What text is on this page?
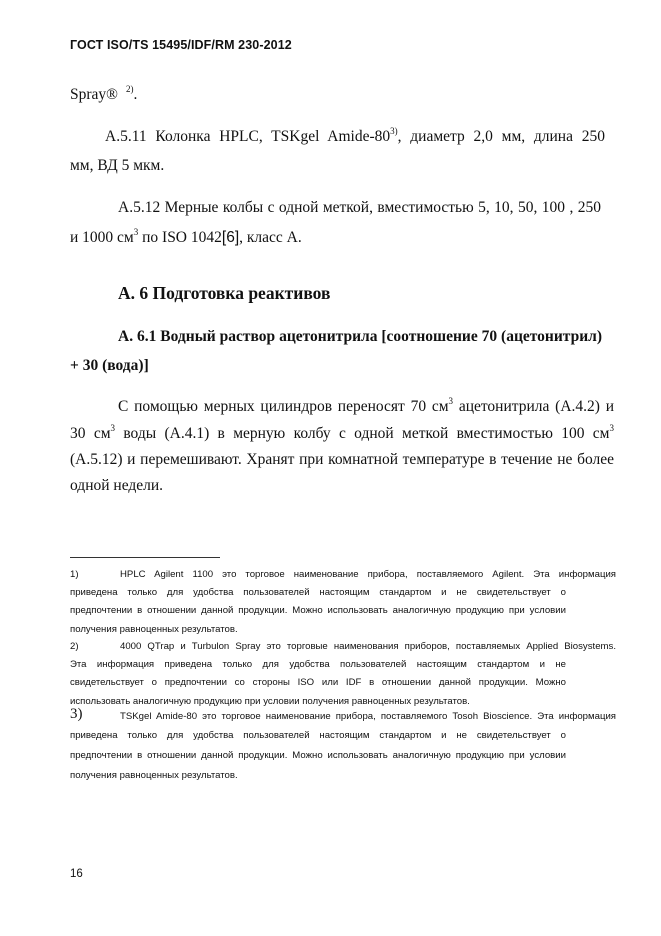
ГОСТ ISO/TS 15495/IDF/RM 230-2012
Spray® $^{2)}$.
А.5.11 Колонка HPLC, TSKgel Amide-80$^{3)}$, диаметр 2,0 мм, длина 250
мм, ВД 5 мкм.
А.5.12 Мерные колбы с одной меткой, вместимостью 5, 10, 50, 100 , 250
и 1000 $см^3$ по ISO 1042[6], класс А.
А. 6 Подготовка реактивов
А. 6.1 Водный раствор ацетонитрила [соотношение 70 (ацетонитрил)
+ 30 (вода)]
С помощью мерных цилиндров переносят 70 $см^3$ ацетонитрила (А.4.2) и
30 $см^3$ воды (А.4.1) в мерную колбу с одной меткой вместимостью 100 $см^3$
(А.5.12) и перемешивают. Хранят при комнатной температуре в течение не более
одной недели.
1)	HPLC Agilent 1100 это торговое наименование прибора, поставляемого Agilent. Эта информация
приведена только для удобства пользователей настоящим стандартом и не свидетельствует о
предпочтении в отношении данной продукции. Можно использовать аналогичную продукцию при условии
получения равноценных результатов.
2)	4000 QTrap и Turbulon Spray это торговые наименования приборов, поставляемых Applied Biosystems.
Эта информация приведена только для удобства пользователей настоящим стандартом и не
свидетельствует о предпочтении со стороны ISO или IDF в отношении данной продукции. Можно
использовать аналогичную продукцию при условии получения равноценных результатов.
3)	TSKgel Amide-80 это торговое наименование прибора, поставляемого Tosoh Bioscience. Эта информация
приведена только для удобства пользователей настоящим стандартом и не свидетельствует о
предпочтении в отношении данной продукции. Можно использовать аналогичную продукцию при условии
получения равноценных результатов.
16
